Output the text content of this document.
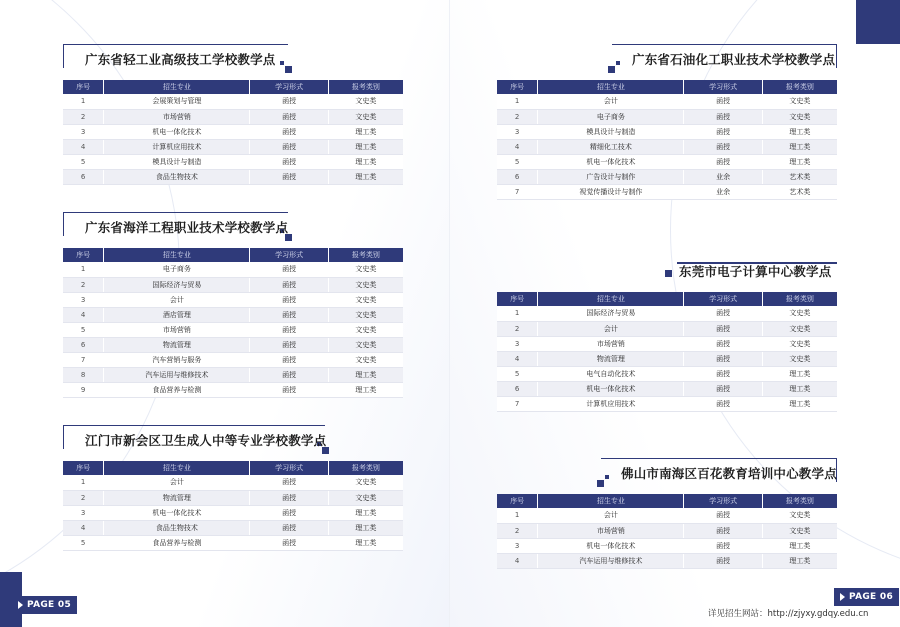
广东省轻工业高级技工学校教学点
序号	招生专业	学习形式	报考类别
1	会展策划与管理	函授	文史类
2	市场营销	函授	文史类
3	机电一体化技术	函授	理工类
4	计算机应用技术	函授	理工类
5	模具设计与制造	函授	理工类
6	食品生物技术	函授	理工类
广东省海洋工程职业技术学校教学点
序号	招生专业	学习形式	报考类别
1	电子商务	函授	文史类
2	国际经济与贸易	函授	文史类
3	会计	函授	文史类
4	酒店管理	函授	文史类
5	市场营销	函授	文史类
6	物流管理	函授	文史类
7	汽车营销与服务	函授	文史类
8	汽车运用与维修技术	函授	理工类
9	食品营养与检测	函授	理工类
江门市新会区卫生成人中等专业学校教学点
序号	招生专业	学习形式	报考类别
1	会计	函授	文史类
2	物流管理	函授	文史类
3	机电一体化技术	函授	理工类
4	食品生物技术	函授	理工类
5	食品营养与检测	函授	理工类
PAGE 05
广东省石油化工职业技术学校教学点
序号	招生专业	学习形式	报考类别
1	会计	函授	文史类
2	电子商务	函授	文史类
3	模具设计与制造	函授	理工类
4	精细化工技术	函授	理工类
5	机电一体化技术	函授	理工类
6	广告设计与制作	业余	艺术类
7	视觉传播设计与制作	业余	艺术类
东莞市电子计算中心教学点
序号	招生专业	学习形式	报考类别
1	国际经济与贸易	函授	文史类
2	会计	函授	文史类
3	市场营销	函授	文史类
4	物流管理	函授	文史类
5	电气自动化技术	函授	理工类
6	机电一体化技术	函授	理工类
7	计算机应用技术	函授	理工类
佛山市南海区百花教育培训中心教学点
序号	招生专业	学习形式	报考类别
1	会计	函授	文史类
2	市场营销	函授	文史类
3	机电一体化技术	函授	理工类
4	汽车运用与维修技术	函授	理工类
PAGE 06
详见招生网站：http://zjyxy.gdqy.edu.cn
